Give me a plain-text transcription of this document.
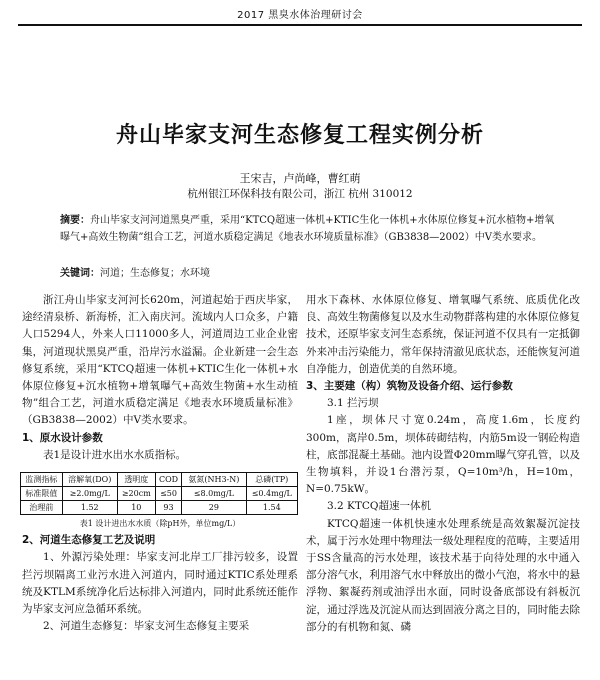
2017 黑臭水体治理研讨会
舟山毕家支河生态修复工程实例分析
王宋吉，卢尚峰，曹红萌
杭州银江环保科技有限公司，浙江 杭州 310012
摘要：舟山毕家支河河道黑臭严重，采用“KTCQ超速一体机+KTIC生化一体机+水体原位修复+沉水植物+增氧曝气+高效生物菌”组合工艺，河道水质稳定满足《地表水环境质量标准》（GB3838—2002）中Ⅴ类水要求。
关键词：河道；生态修复；水环境

浙江舟山毕家支河河长620m，河道起始于西庆毕家，途经清泉桥、新海桥，汇入南庆河。流域内人口众多，户籍人口5294人，外来人口11000多人，河道周边工业企业密集，河道现状黑臭严重，沿岸污水溢漏。企业新建一会生态修复系统，采用“KTCQ超速一体机+KTIC生化一体机+水体原位修复+沉水植物+增氧曝气+高效生物菌+水生动植物”组合工艺，河道水质稳定满足《地表水环境质量标准》（GB3838—2002）中Ⅴ类水要求。

1、原水设计参数

表1是设计进水出水水质指标。

监测指标	溶解氧(DO)	透明度	COD	氨氮(NH3-N)	总磷(TP)
标准限值	≥2.0mg/L	≥20cm	≤50	≤8.0mg/L	≤0.4mg/L
治理前	1.52	10	93	29	1.54

表1 设计进出水水质（除pH外，单位mg/L）

2、河道生态修复工艺及说明

1、外源污染处理：毕家支河北岸工厂排污较多，设置拦污坝隔离工业污水进入河道内，同时通过KTIC系处理系统及KTLM系统净化后达标排入河道内，同时此系统还能作为毕家支河应急循环系统。

2、河道生态修复：毕家支河生态修复主要采

用水下森林、水体原位修复、增氧曝气系统、底质优化改良、高效生物菌修复以及水生动物群落构建的水体原位修复技术，还原毕家支河生态系统，保证河道不仅具有一定抵御外来冲击污染能力，常年保持清澈见底状态，还能恢复河道自净能力，创造优美的自然环境。

3、主要建（构）筑物及设备介绍、运行参数

3.1 拦污坝

1座，坝体尺寸宽0.24m，高度1.6m，长度约300m，离岸0.5m，坝体砖砌结构，内筋5m设一钢砼构造柱，底部混凝土基础。池内设置Φ20mm曝气穿孔管，以及生物填料，并设1台潜污泵，Q=10m³/h，H=10m，N=0.75kW。

3.2 KTCQ超速一体机

KTCQ超速一体机快速水处理系统是高效絮凝沉淀技术，属于污水处理中物理法一级处理程度的范畴，主要适用于SS含量高的污水处理，该技术基于向待处理的水中通入部分溶气水，利用溶气水中释放出的微小气泡，将水中的悬浮物、絮凝药剂或油浮出水面，同时设备底部设有斜板沉淀，通过浮选及沉淀从而达到固液分离之目的，同时能去除部分的有机物和氮、磷
